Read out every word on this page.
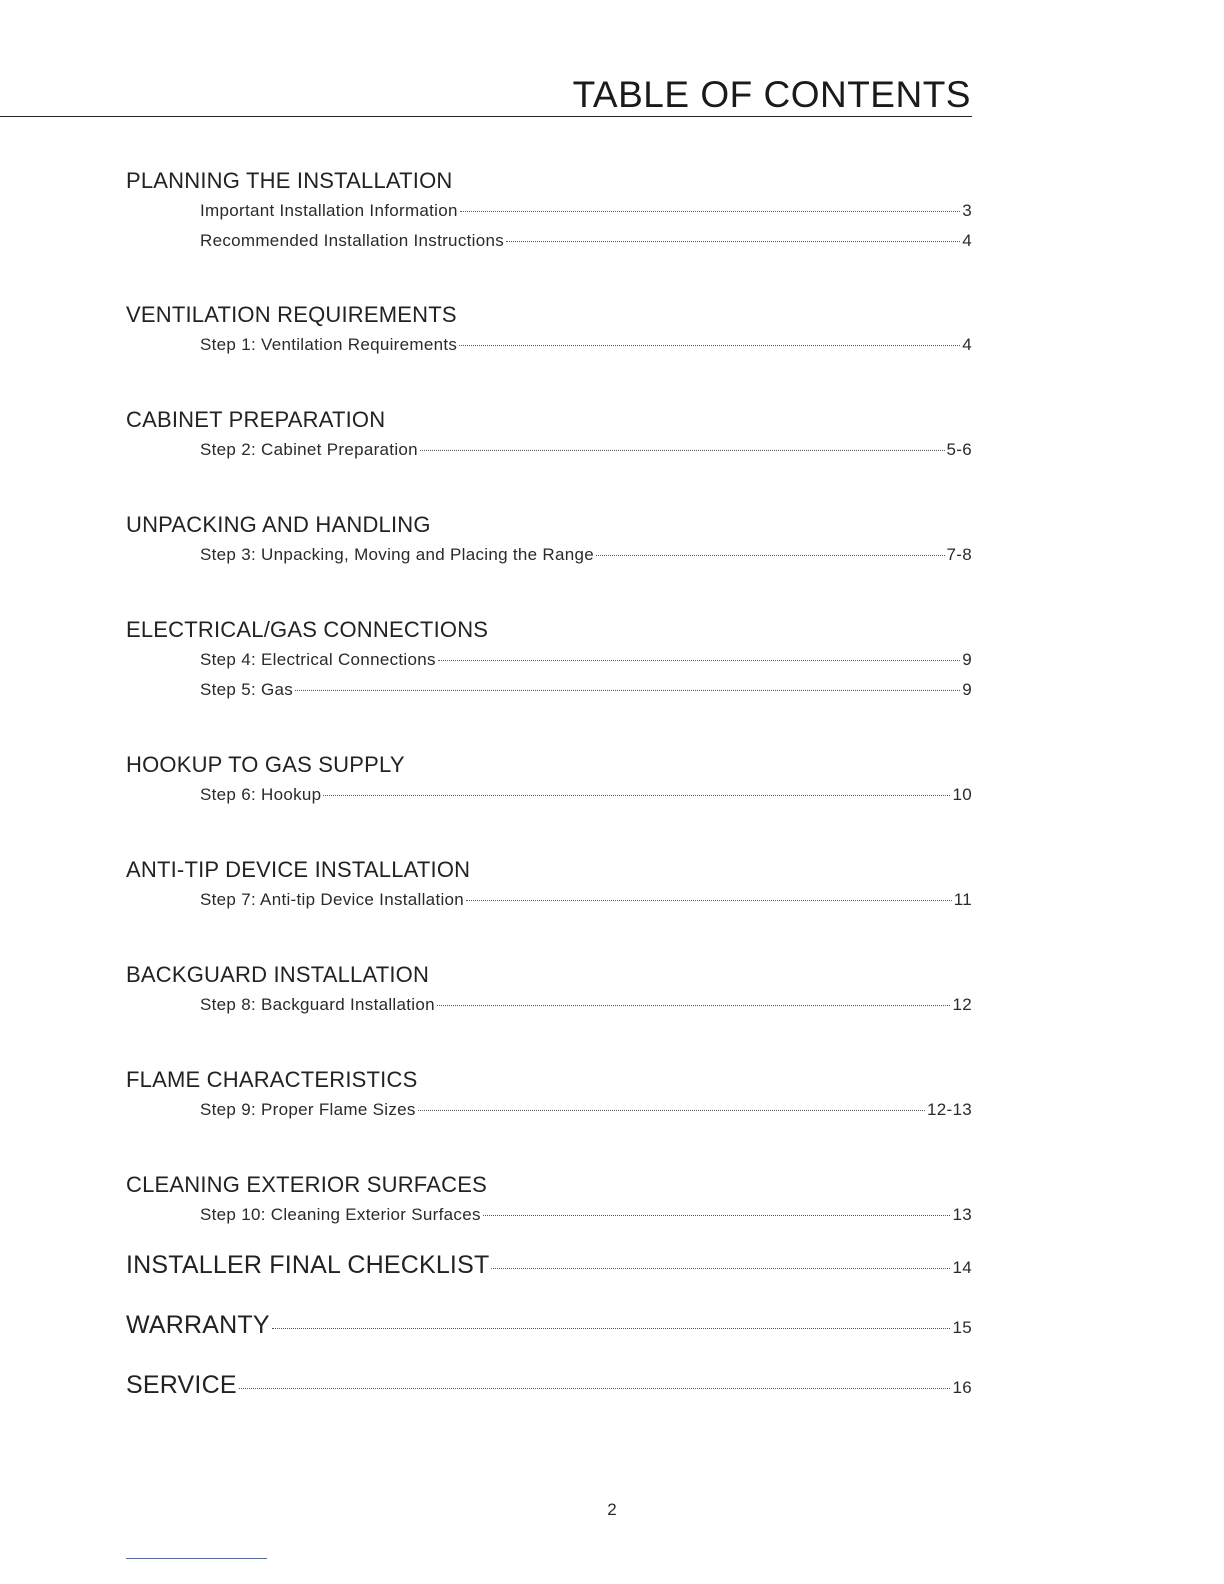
TABLE OF CONTENTS
PLANNING THE INSTALLATION
Important Installation Information	3
Recommended Installation Instructions	4
VENTILATION REQUIREMENTS
Step 1: Ventilation Requirements	4
CABINET PREPARATION
Step 2: Cabinet Preparation	5-6
UNPACKING AND HANDLING
Step 3: Unpacking, Moving and Placing the Range	7-8
ELECTRICAL/GAS CONNECTIONS
Step 4: Electrical Connections	9
Step 5: Gas	9
HOOKUP TO GAS SUPPLY
Step 6: Hookup	10
ANTI-TIP DEVICE INSTALLATION
Step 7: Anti-tip Device Installation	11
BACKGUARD INSTALLATION
Step 8: Backguard Installation	12
FLAME CHARACTERISTICS
Step 9: Proper Flame Sizes	12-13
CLEANING EXTERIOR SURFACES
Step 10: Cleaning Exterior Surfaces	13
INSTALLER FINAL CHECKLIST	14
WARRANTY	15
SERVICE	16
2
